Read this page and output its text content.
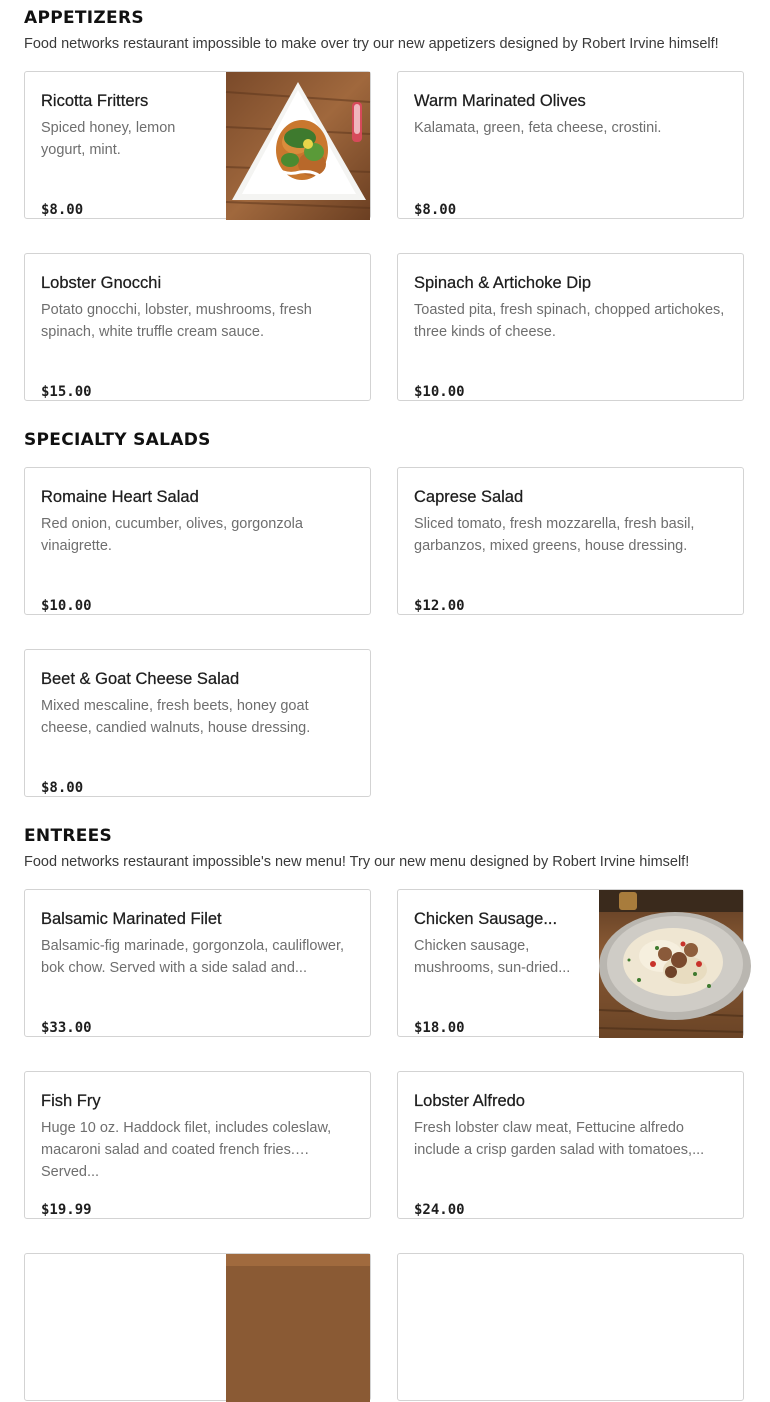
APPETIZERS

Food networks restaurant impossible to make over try our new appetizers designed by Robert Irvine himself!

Ricotta Fritters

Spiced honey, lemon yogurt, mint.

$8.00

Warm Marinated Olives

Kalamata, green, feta cheese, crostini.

$8.00

Lobster Gnocchi

Potato gnocchi, lobster, mushrooms, fresh spinach, white truffle cream sauce.

$15.00

Spinach & Artichoke Dip

Toasted pita, fresh spinach, chopped artichokes, three kinds of cheese.

$10.00

SPECIALTY SALADS
Romaine Heart Salad

Red onion, cucumber, olives, gorgonzola vinaigrette.

$10.00

Caprese Salad

Sliced tomato, fresh mozzarella, fresh basil, garbanzos, mixed greens, house dressing.

$12.00

Beet & Goat Cheese Salad

Mixed mescaline, fresh beets, honey goat cheese, candied walnuts, house dressing.

$8.00

ENTREES

Food networks restaurant impossible's new menu! Try our new menu designed by Robert Irvine himself!

Balsamic Marinated Filet

Balsamic-fig marinade, gorgonzola, cauliflower, bok chow. Served with a side salad and...

$33.00

Chicken Sausage...

Chicken sausage, mushrooms, sun-dried...

$18.00

Fish Fry

Huge 10 oz. Haddock filet, includes coleslaw, macaroni salad and coated french fries. Served...

$19.99

Lobster Alfredo

Fresh lobster claw meat, Fettucine alfredo include a crisp garden salad with tomatoes,...

$24.00
